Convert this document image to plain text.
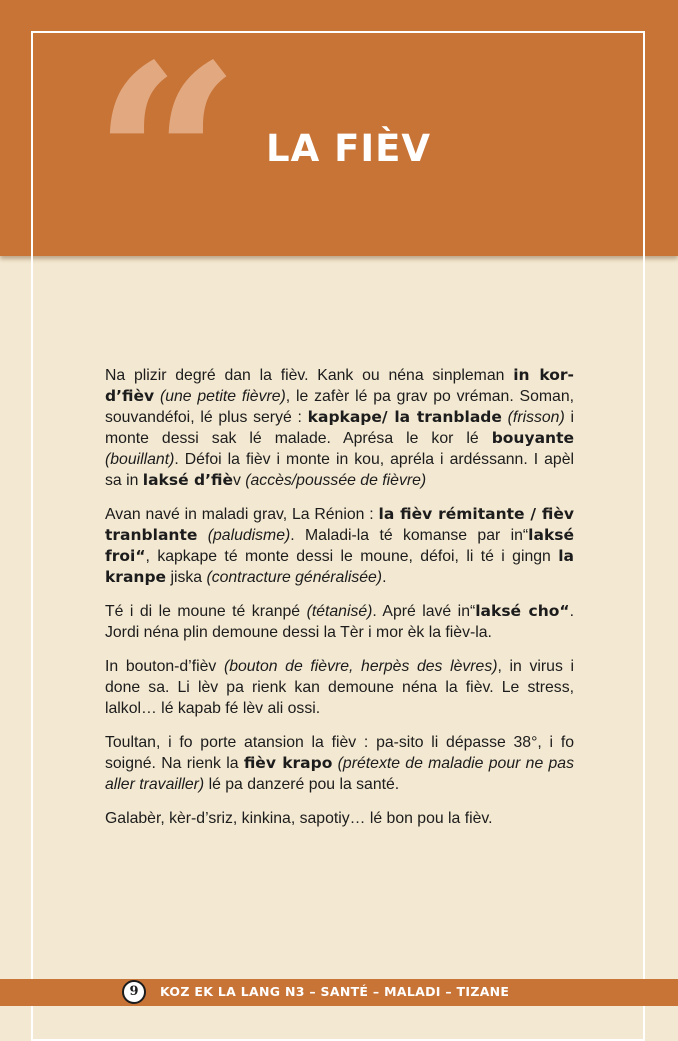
“ LA FIÈV

Na plizir degré dan la fièv. Kank ou néna sinpleman in kor-d’fièv (une petite fièvre), le zafèr lé pa grav po vréman. Soman, souvandéfoi, lé plus seryé : kapkape/ la tranblade (frisson) i monte dessi sak lé malade. Aprésa le kor lé bouyante (bouillant). Défoi la fièv i monte in kou, apréla i ardéssann. I apèl sa in laksé d’fièv (accès/poussée de fièvre)

Avan navé in maladi grav, La Rénion : la fièv rémitante / fièv tranblante (paludisme). Maladi-la té komanse par in“laksé froi“, kapkape té monte dessi le moune, défoi, li té i gingn la kranpe jiska (contracture généralisée).

Té i di le moune té kranpé (tétanisé). Apré lavé in“laksé cho“. Jordi néna plin demoune dessi la Tèr i mor èk la fièv-la.

In bouton-d’fièv (bouton de fièvre, herpès des lèvres), in virus i done sa. Li lèv pa rienk kan demoune néna la fièv. Le stress, lalkol… lé kapab fé lèv ali ossi.

Toultan, i fo porte atansion la fièv : pa-sito li dépasse 38°, i fo soigné. Na rienk la fièv krapo (prétexte de maladie pour ne pas aller travailler) lé pa danzeré pou la santé.

Galabèr, kèr-d’sriz, kinkina, sapotiy… lé bon pou la fièv.

9	KOZ EK LA LANG N3 – SANTÉ – MALADI – TIZANE
